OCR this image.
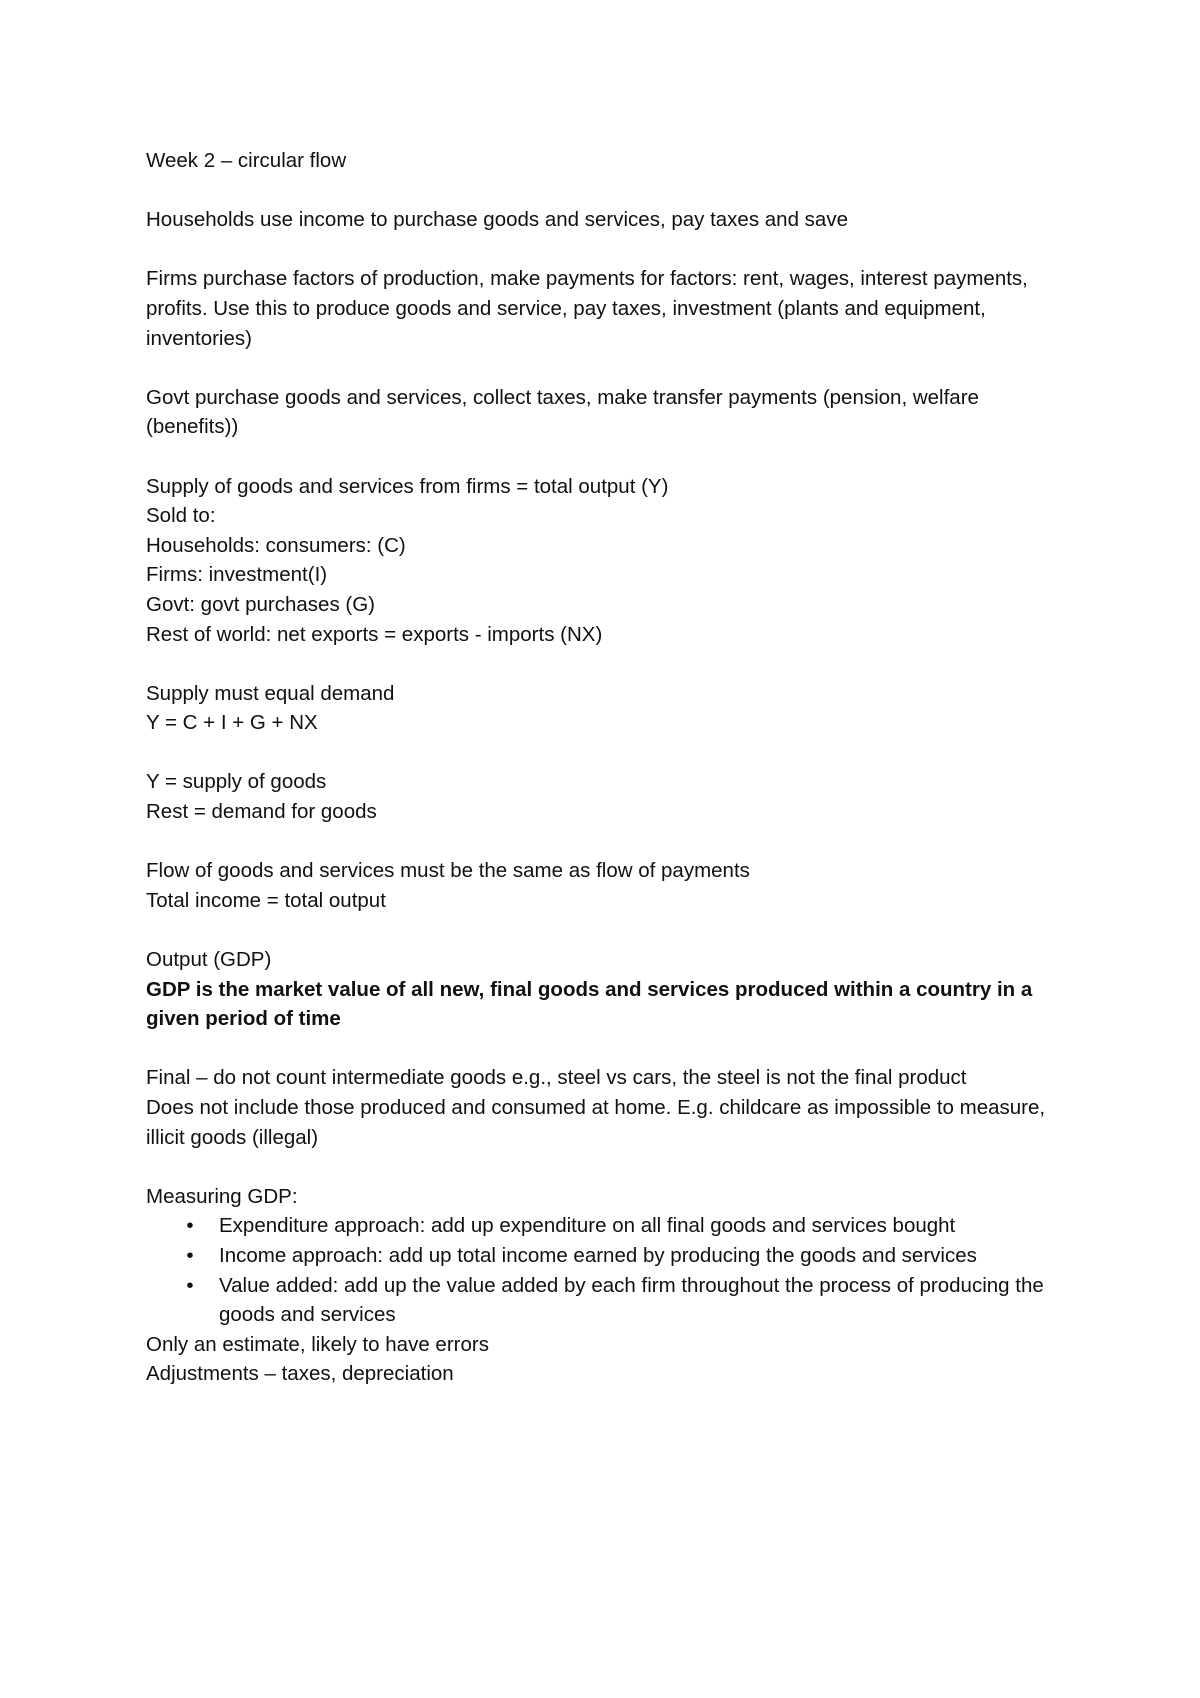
Week 2 – circular flow
Households use income to purchase goods and services, pay taxes and save
Firms purchase factors of production, make payments for factors: rent, wages, interest payments, profits. Use this to produce goods and service, pay taxes, investment (plants and equipment, inventories)
Govt purchase goods and services, collect taxes, make transfer payments (pension, welfare (benefits))
Supply of goods and services from firms = total output (Y)
Sold to:
Households: consumers: (C)
Firms: investment(I)
Govt: govt purchases (G)
Rest of world: net exports = exports - imports (NX)
Supply must equal demand
Y = C + I + G + NX
Y = supply of goods
Rest = demand for goods
Flow of goods and services must be the same as flow of payments
Total income = total output
Output (GDP)
GDP is the market value of all new, final goods and services produced within a country in a given period of time
Final – do not count intermediate goods e.g., steel vs cars, the steel is not the final product
Does not include those produced and consumed at home. E.g. childcare as impossible to measure, illicit goods (illegal)
Measuring GDP:
• Expenditure approach: add up expenditure on all final goods and services bought
• Income approach: add up total income earned by producing the goods and services
• Value added: add up the value added by each firm throughout the process of producing the goods and services
Only an estimate, likely to have errors
Adjustments – taxes, depreciation
